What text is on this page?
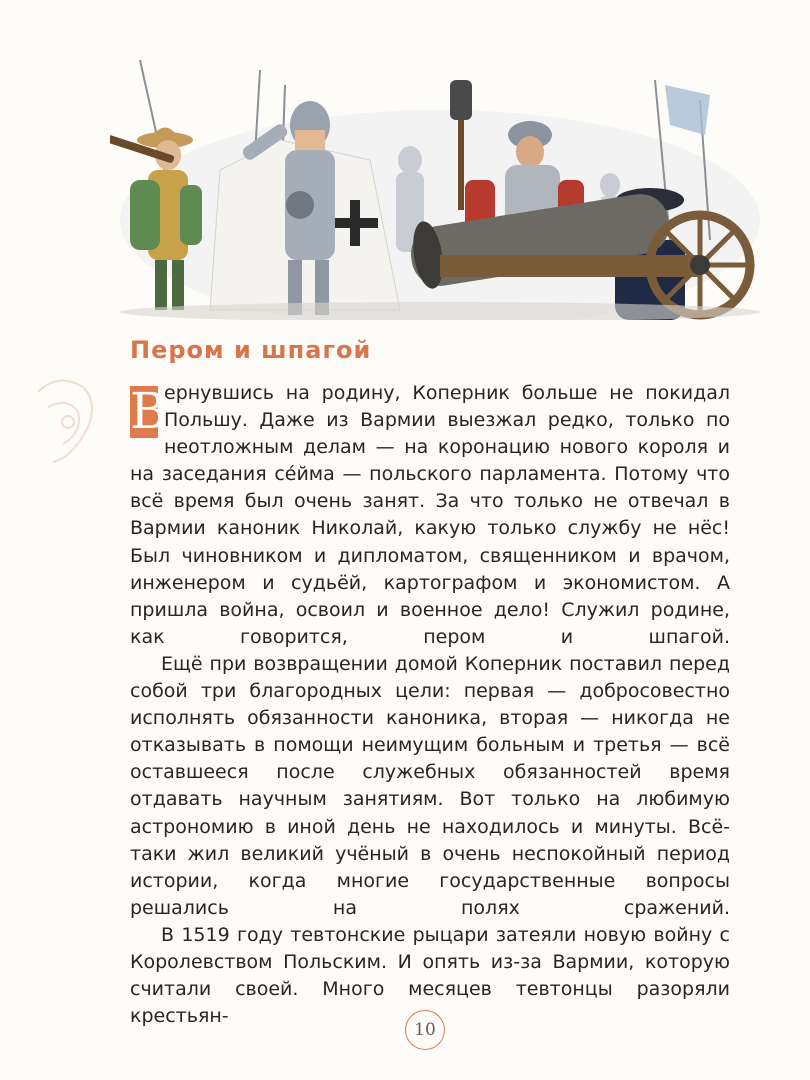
Пером и шпагой

В
ернувшись на родину, Коперник больше не покидал Польшу. Даже из Вармии выезжал редко, только по неотложным делам — на коронацию нового короля и на заседания се́йма — польского парламента. Потому что всё время был очень занят. За что только не отвечал в Вармии каноник Николай, какую только службу не нёс! Был чиновником и дипломатом, священником и врачом, инженером и судьёй, картографом и экономистом. А пришла война, освоил и военное дело! Служил родине, как говорится, пером и шпагой.

Ещё при возвращении домой Коперник поставил перед собой три благородных цели: первая — добросовестно исполнять обязанности каноника, вторая — никогда не отказывать в помощи неимущим больным и третья — всё оставшееся после служебных обязанностей время отдавать научным занятиям. Вот только на любимую астрономию в иной день не находилось и минуты. Всё-таки жил великий учёный в очень неспокойный период истории, когда многие государственные вопросы решались на полях сражений.

В 1519 году тевтонские рыцари затеяли новую войну с Королевством Польским. И опять из-за Вармии, которую считали своей. Много месяцев тевтонцы разоряли крестьян-

10
